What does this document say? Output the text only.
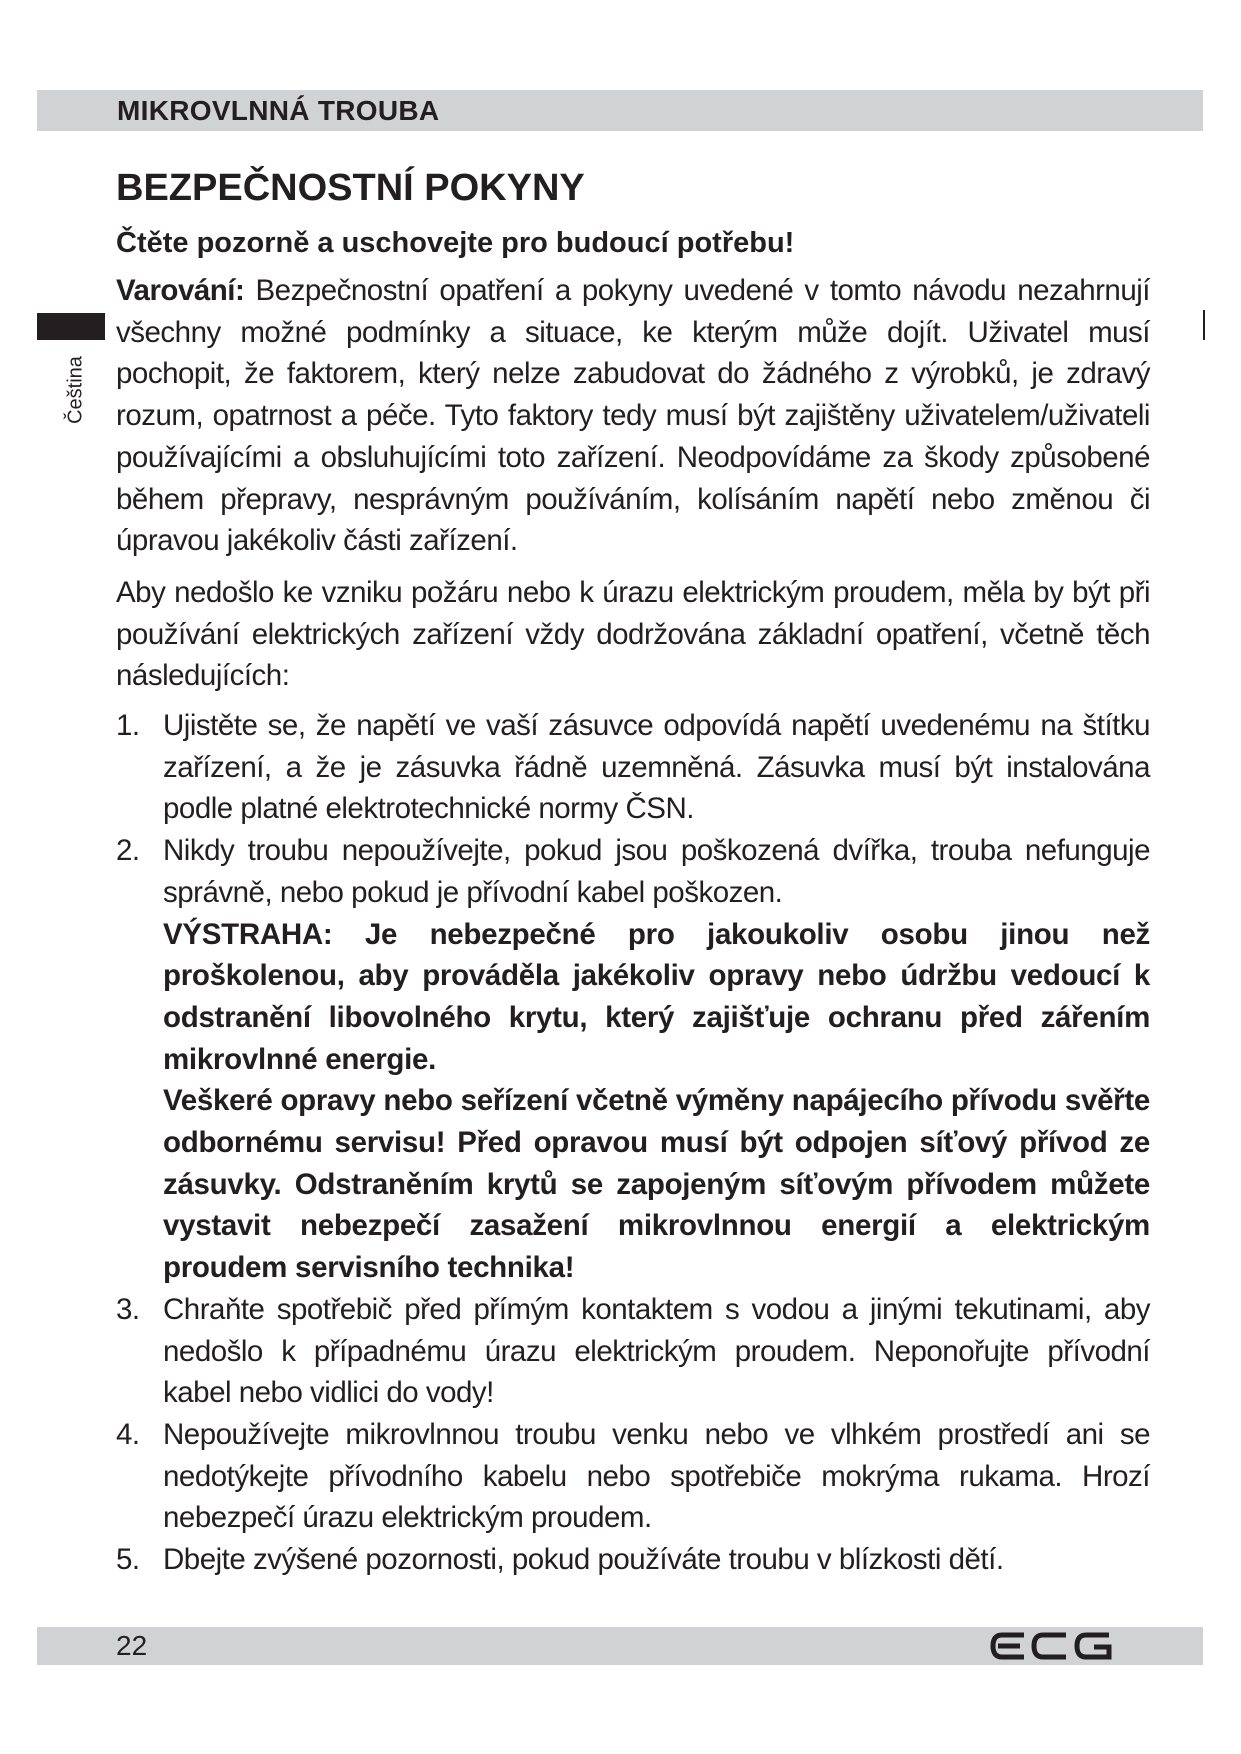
MIKROVLNNÁ TROUBA
Čeština
BEZPEČNOSTNÍ POKYNY
Čtěte pozorně a uschovejte pro budoucí potřebu!

Varování: Bezpečnostní opatření a pokyny uvedené v tomto návodu nezahrnují všechny možné podmínky a situace, ke kterým může dojít. Uživatel musí pochopit, že faktorem, který nelze zabudovat do žádného z výrobků, je zdravý rozum, opatrnost a péče. Tyto faktory tedy musí být zajištěny uživatelem/uživateli používajícími a obsluhujícími toto zařízení. Neodpovídáme za škody způsobené během přepravy, nesprávným používáním, kolísáním napětí nebo změnou či úpravou jakékoliv části zařízení.

Aby nedošlo ke vzniku požáru nebo k úrazu elektrickým proudem, měla by být při používání elektrických zařízení vždy dodržována základní opatření, včetně těch následujících:

1. Ujistěte se, že napětí ve vaší zásuvce odpovídá napětí uvedenému na štítku zařízení, a že je zásuvka řádně uzemněná. Zásuvka musí být instalována podle platné elektrotechnické normy ČSN.
2. Nikdy troubu nepoužívejte, pokud jsou poškozená dvířka, trouba nefunguje správně, nebo pokud je přívodní kabel poškozen.
VÝSTRAHA: Je nebezpečné pro jakoukoliv osobu jinou než proškolenou, aby prováděla jakékoliv opravy nebo údržbu vedoucí k odstranění libovolného krytu, který zajišťuje ochranu před zářením mikrovlnné energie.
Veškeré opravy nebo seřízení včetně výměny napájecího přívodu svěřte odbornému servisu! Před opravou musí být odpojen síťový přívod ze zásuvky. Odstraněním krytů se zapojeným síťovým přívodem můžete vystavit nebezpečí zasažení mikrovlnnou energií a elektrickým proudem servisního technika!
3. Chraňte spotřebič před přímým kontaktem s vodou a jinými tekutinami, aby nedošlo k případnému úrazu elektrickým proudem. Neponořujte přívodní kabel nebo vidlici do vody!
4. Nepoužívejte mikrovlnnou troubu venku nebo ve vlhkém prostředí ani se nedotýkejte přívodního kabelu nebo spotřebiče mokrýma rukama. Hrozí nebezpečí úrazu elektrickým proudem.
5. Dbejte zvýšené pozornosti, pokud používáte troubu v blízkosti dětí.
22
